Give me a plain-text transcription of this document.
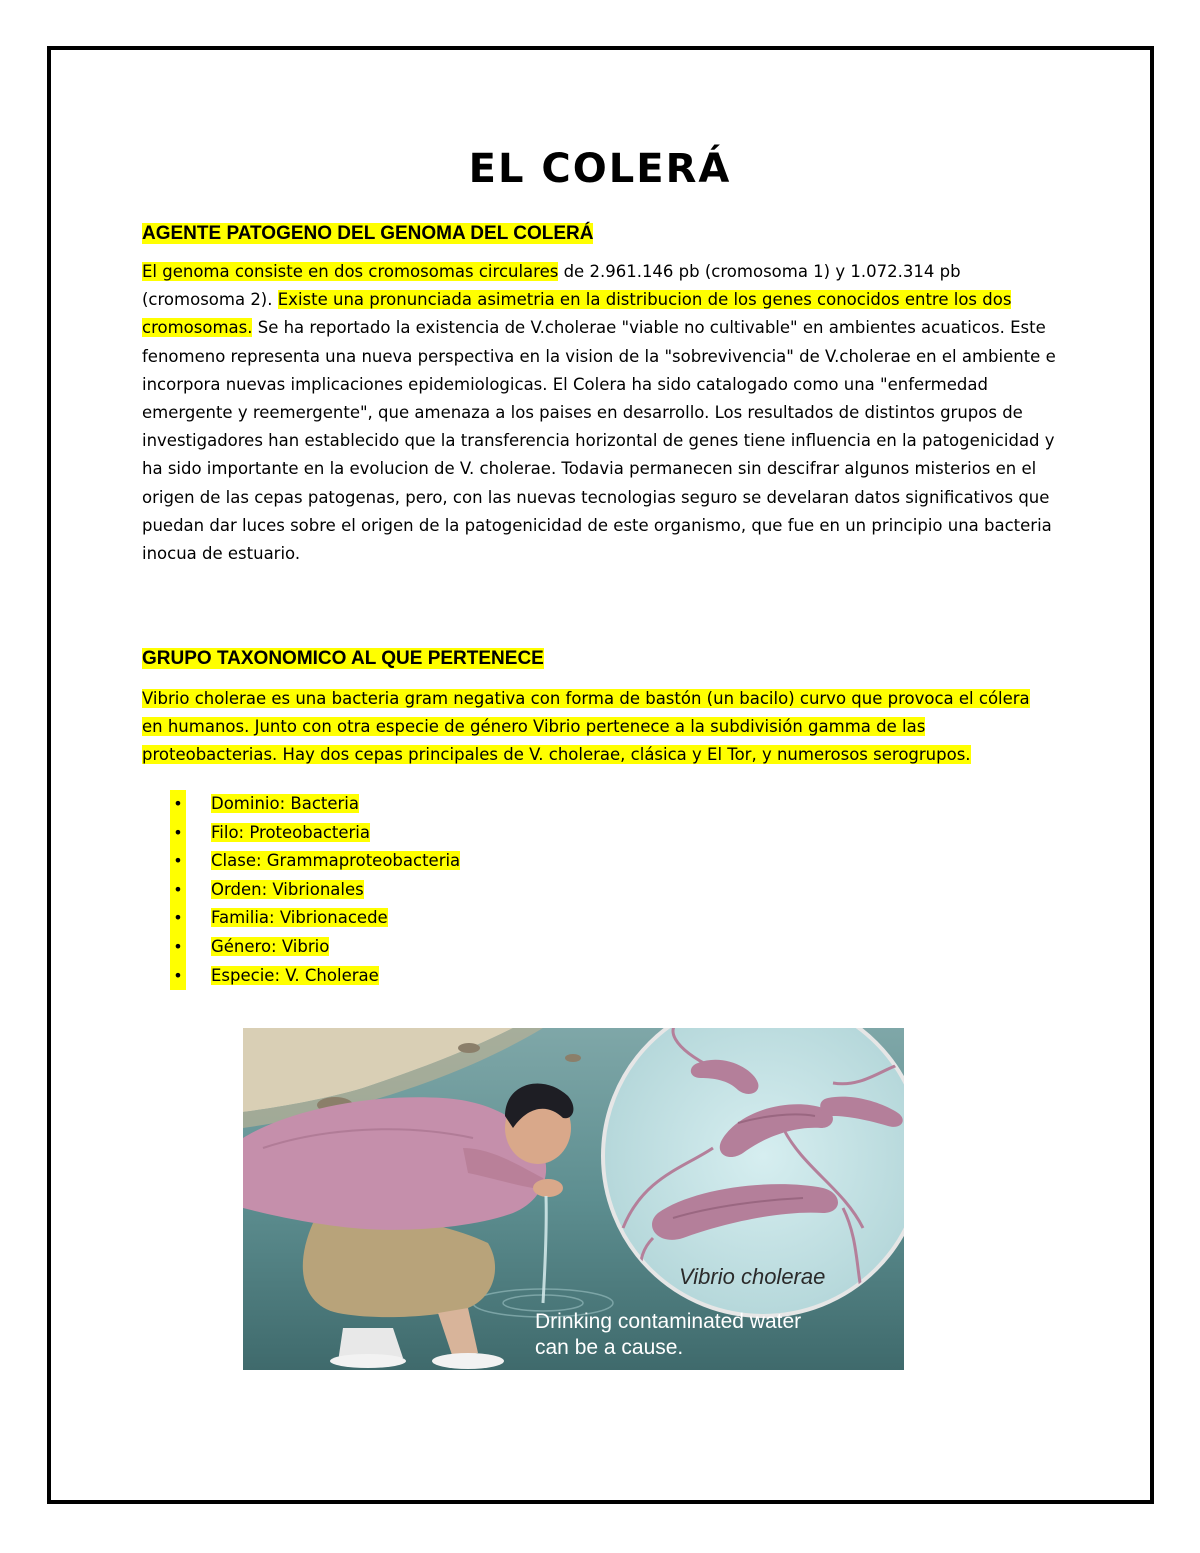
EL COLERÁ
AGENTE PATOGENO DEL GENOMA DEL COLERÁ

El genoma consiste en dos cromosomas circulares de 2.961.146 pb (cromosoma 1) y 1.072.314 pb (cromosoma 2). Existe una pronunciada asimetria en la distribucion de los genes conocidos entre los dos cromosomas. Se ha reportado la existencia de V.cholerae "viable no cultivable" en ambientes acuaticos. Este fenomeno representa una nueva perspectiva en la vision de la "sobrevivencia" de V.cholerae en el ambiente e incorpora nuevas implicaciones epidemiologicas. El Colera ha sido catalogado como una "enfermedad emergente y reemergente", que amenaza a los paises en desarrollo. Los resultados de distintos grupos de investigadores han establecido que la transferencia horizontal de genes tiene influencia en la patogenicidad y ha sido importante en la evolucion de V. cholerae. Todavia permanecen sin descifrar algunos misterios en el origen de las cepas patogenas, pero, con las nuevas tecnologias seguro se develaran datos significativos que puedan dar luces sobre el origen de la patogenicidad de este organismo, que fue en un principio una bacteria inocua de estuario.

GRUPO TAXONOMICO AL QUE PERTENECE

Vibrio cholerae es una bacteria gram negativa con forma de bastón (un bacilo) curvo que provoca el cólera en humanos. Junto con otra especie de género Vibrio pertenece a la subdivisión gamma de las proteobacterias. Hay dos cepas principales de V. cholerae, clásica y El Tor, y numerosos serogrupos.

• Dominio: Bacteria
• Filo: Proteobacteria
• Clase: Grammaproteobacteria
• Orden: Vibrionales
• Familia: Vibrionacede
• Género: Vibrio
• Especie: V. Cholerae
Vibrio cholerae
Drinking contaminated water
can be a cause.
